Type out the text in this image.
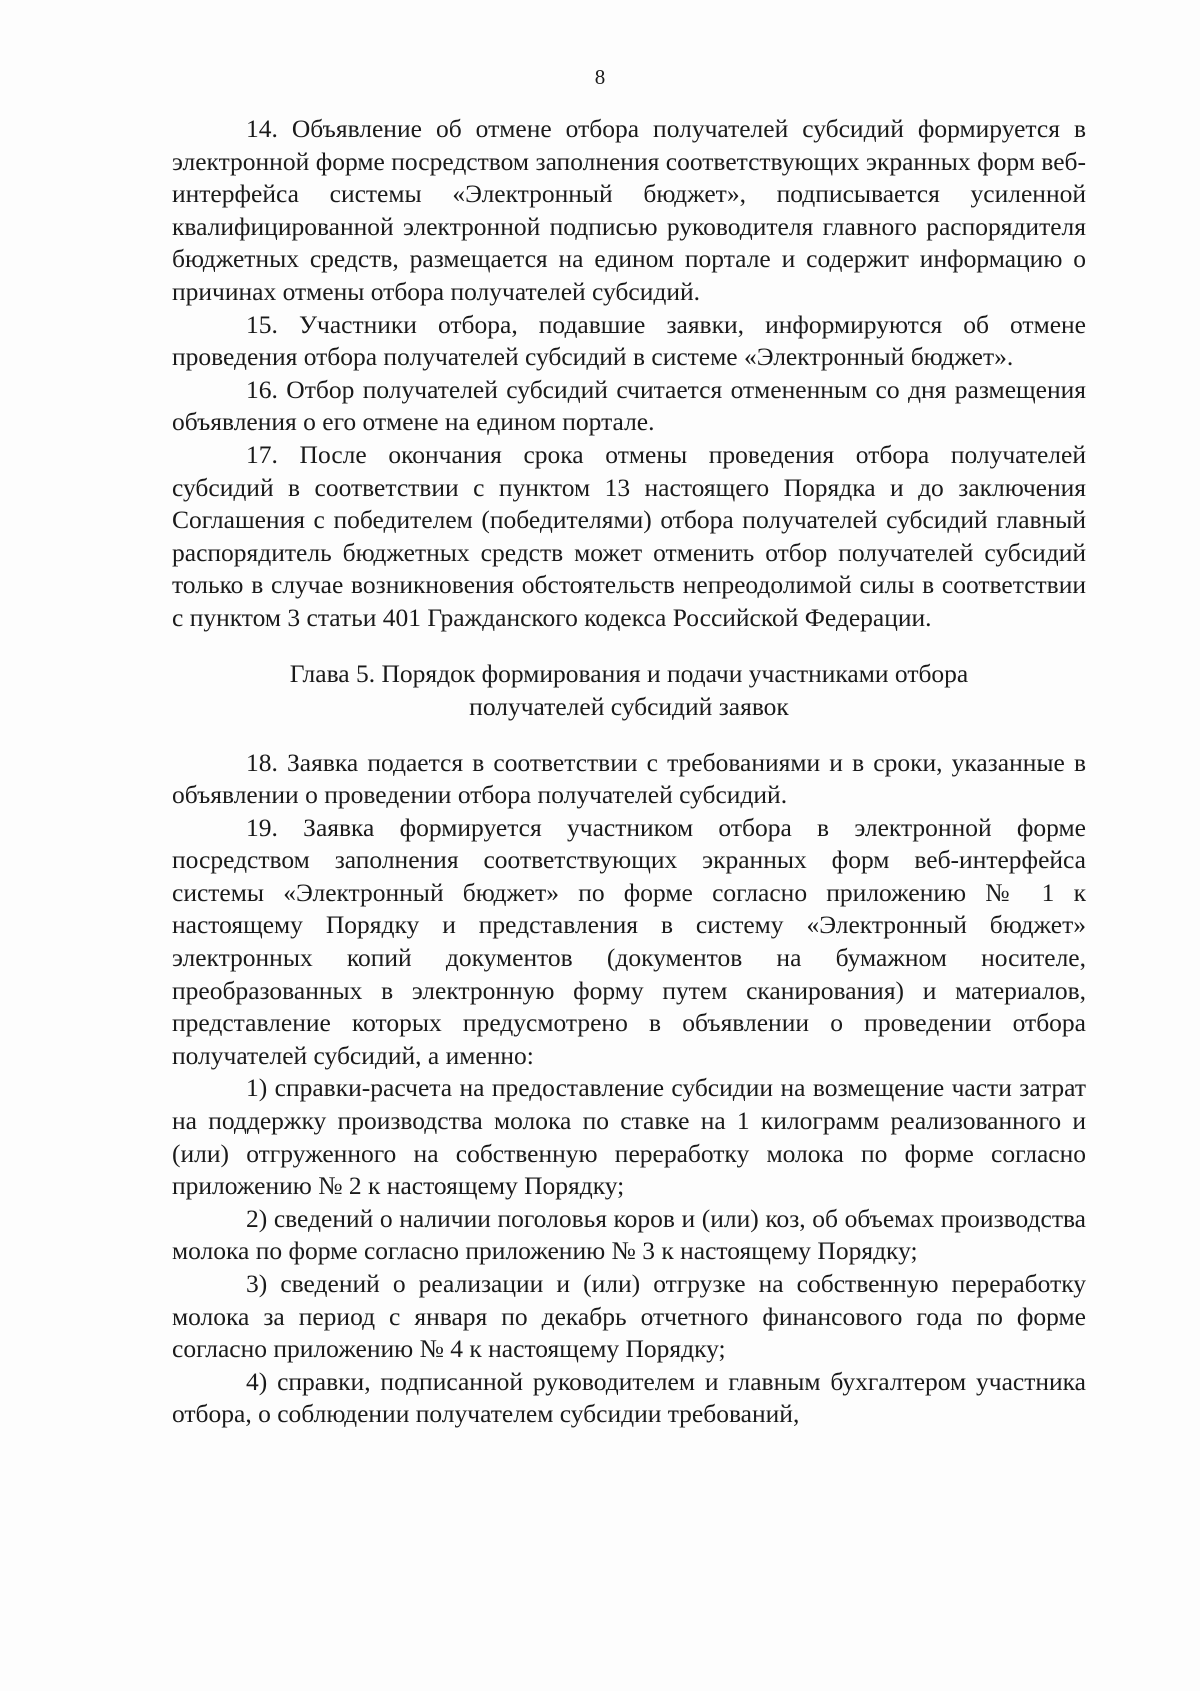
8

14. Объявление об отмене отбора получателей субсидий формируется в электронной форме посредством заполнения соответствующих экранных форм веб-интерфейса системы «Электронный бюджет», подписывается усиленной квалифицированной электронной подписью руководителя главного распорядителя бюджетных средств, размещается на едином портале и содержит информацию о причинах отмены отбора получателей субсидий.

15. Участники отбора, подавшие заявки, информируются об отмене проведения отбора получателей субсидий в системе «Электронный бюджет».

16. Отбор получателей субсидий считается отмененным со дня размещения объявления о его отмене на едином портале.

17. После окончания срока отмены проведения отбора получателей субсидий в соответствии с пунктом 13 настоящего Порядка и до заключения Соглашения с победителем (победителями) отбора получателей субсидий главный распорядитель бюджетных средств может отменить отбор получателей субсидий только в случае возникновения обстоятельств непреодолимой силы в соответствии с пунктом 3 статьи 401 Гражданского кодекса Российской Федерации.

Глава 5. Порядок формирования и подачи участниками отбора получателей субсидий заявок

18. Заявка подается в соответствии с требованиями и в сроки, указанные в объявлении о проведении отбора получателей субсидий.

19. Заявка формируется участником отбора в электронной форме посредством заполнения соответствующих экранных форм веб-интерфейса системы «Электронный бюджет» по форме согласно приложению № 1 к настоящему Порядку и представления в систему «Электронный бюджет» электронных копий документов (документов на бумажном носителе, преобразованных в электронную форму путем сканирования) и материалов, представление которых предусмотрено в объявлении о проведении отбора получателей субсидий, а именно:

1) справки-расчета на предоставление субсидии на возмещение части затрат на поддержку производства молока по ставке на 1 килограмм реализованного и (или) отгруженного на собственную переработку молока по форме согласно приложению № 2 к настоящему Порядку;

2) сведений о наличии поголовья коров и (или) коз, об объемах производства молока по форме согласно приложению № 3 к настоящему Порядку;

3) сведений о реализации и (или) отгрузке на собственную переработку молока за период с января по декабрь отчетного финансового года по форме согласно приложению № 4 к настоящему Порядку;

4) справки, подписанной руководителем и главным бухгалтером участника отбора, о соблюдении получателем субсидии требований,
